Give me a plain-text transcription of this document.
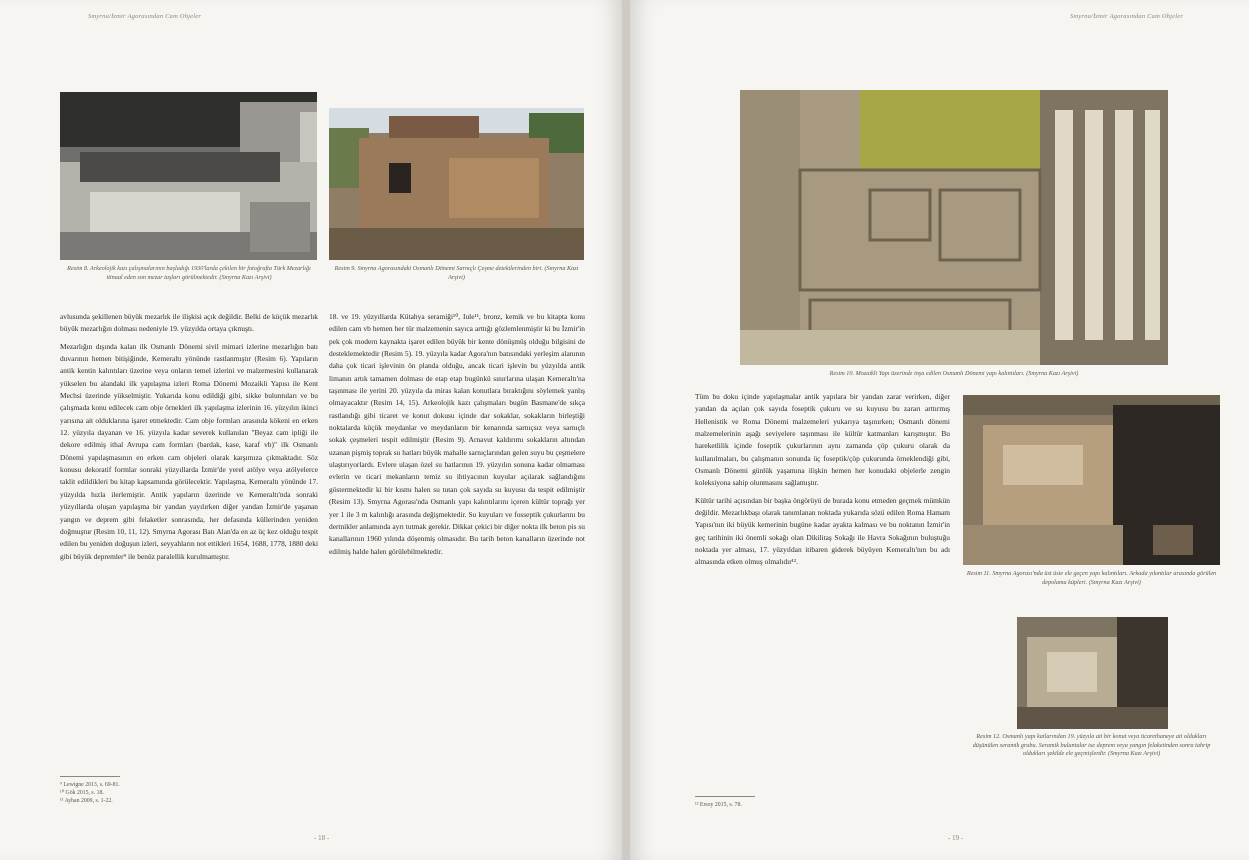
Smyrna/İzmir Agorasından Cam Objeler
Resim 8. Arkeolojik kazı çalışmalarının başladığı 1930'larda çekilen bir fotoğrafta Türk Mezarlığı itinaal eden son mezar taşları görülmektedir. (Smyrna Kazı Arşivi)
Resim 9. Smyrna Agorasındaki Osmanlı Dönemi Sarnıçlı Çeşme detektlerinden biri. (Smyrna Kazı Arşivi)

avlusunda şekillenen büyük mezarlık ile ilişkisi açık değildir. Belki de küçük mezarlık büyük mezarlığın dolması nedeniyle 19. yüzyılda ortaya çıkmıştı.

Mezarlığın dışında kalan ilk Osmanlı Dönemi sivil mimari izlerine mezarlığın batı duvarının hemen bitişiğinde, Kemeraltı yönünde rastlanmıştır (Resim 6). Yapıların antik kentin kalıntıları üzerine veya onların temel izlerini ve malzemesini kullanarak yükselen bu alandaki ilk yapılaşma izleri Roma Dönemi Mozaikli Yapısı ile Kent Mechsi üzerinde yükselmiştir. Yukarıda konu edildiği gibi, sikke buluntuları ve bu çalışmada konu edilecek cam obje örnekleri ilk yapılaşma izlerinin 16. yüzyılın ikinci yarısına ait olduklarına işaret etmektedir. Cam obje formları arasında kökeni en erken 12. yüzyıla dayanan ve 16. yüzyıla kadar severek kullanılan "Beyaz cam ipliği ile dekore edilmiş ithal Avrupa cam formları (bardak, kase, karaf vb)" ilk Osmanlı Dönemi yapılaşmasının en erken cam objeleri olarak karşımıza çıkmaktadır. Söz konusu dekoratif formlar sonraki yüzyıllarda İzmir'de yerel atölye veya atölyelerce taklit edildikleri bu kitap kapsamında görülecektir. Yapılaşma, Kemeraltı yönünde 17. yüzyılda hızla ilerlemiştir. Antik yapıların üzerinde ve Kemeraltı'nda sonraki yüzyıllarda oluşan yapılaşma bir yandan yayılırken diğer yandan İzmir'de yaşanan yangın ve deprem gibi felaketler sonrasında, her defasında küllerinden yeniden doğmuştur (Resim 10, 11, 12). Smyrna Agorası Batı Alan'da en az üç kez olduğu tespit edilen bu yeniden doğuşun izleri, seyyahların not ettikleri 1654, 1688, 1778, 1880 deki gibi büyük depremler⁹ ile benüz paralellik kurulmamıştır.

18. ve 19. yüzyıllarda Kütahya seramiği¹⁰, Iule¹¹, bronz, kemik ve bu kitapta konu edilen cam vb hemen her tür malzemenin sayıca arttığı gözlemlenmiştir ki bu İzmir'in pek çok modern kaynakta işaret edilen büyük bir kente dönüşmüş olduğu bilgisini de desteklemektedir (Resim 5). 19. yüzyıla kadar Agora'nın batısındaki yerleşim alanının daha çok ticari işlevinin ön planda olduğu, ancak ticari işlevin bu yüzyılda antik limanın artık tamamen dolması de etap etap bugünkü sınırlarına ulaşan Kemeraltı'na taşınması ile yerini 20. yüzyıla da miras kalan konutlara bıraktığını söylemek yanlış olmayacaktır (Resim 14, 15). Arkeolojik kazı çalışmaları bugün Basmane'de sıkça rastlandığı gibi ticaret ve konut dokusu içinde dar sokaklar, sokakların birleştiği noktalarda küçük meydanlar ve meydanların bir kenarında sarnıçsız veya sarnıçlı sokak çeşmeleri tespit edilmiştir (Resim 9). Arnavut kaldırımı sokakların altından uzanan pişmiş toprak su hatları büyük mahalle sarnıçlarından gelen suyu bu çeşmelere ulaştırıyorlardı. Evlere ulaşan özel su hatlarının 19. yüzyılın sonuna kadar olmaması evlerin ve ticari mekanların temiz su ihtiyacının kuyular açılarak sağlandığını göstermektedir ki bir kısmı halen su tutan çok sayıda su kuyusu da tespit edilmiştir (Resim 13). Smyrna Agorası'nda Osmanlı yapı kalıntılarını içeren kültür toprağı yer yer 1 ile 3 m kalınlığı arasında değişmektedir. Su kuyuları ve fosseptik çukurlarını bu dertnikler anlamında ayrı tutmak gerekir. Dikkat çekici bir diğer nokta ilk beton pis su kanallarının 1960 yılında döşenmiş olmasıdır. Bu tarih beton kanalların üzerinde not edilmiş halde halen görülebilmektedir.

⁹ Lewigne 2013, s. 69-81.
¹⁰ Gök 2015, s. 18.
¹¹ Ayhan 2009, s. 1-22.
- 18 -
Smyrna/İzmir Agorasından Cam Objeler
Resim 10. Mozaikli Yapı üzerinde inşa edilen Osmanlı Dönemi yapı kalıntıları. (Smyrna Kazı Arşivi)
Resim 11. Smyrna Agorası'nda üst üste ele geçen yapı kalıntıları. Arkada yıkıntılar arasında görülen depolama küpleri. (Smyrna Kazı Arşivi)
Resim 12. Osmanlı yapı katlarından 19. yüzyıla ait bir konut veya ticarethaneye ait oldukları düşünülen seramik grubu. Seramik buluntular ise deprem veya yangın felaketinden sonra tahrip oldukları şekilde ele geçmişlerdir. (Smyrna Kazı Arşivi)

Tüm bu doku içinde yapılaşmalar antik yapılara bir yandan zarar verirken, diğer yandan da açılan çok sayıda foseptik çukuru ve su kuyusu bu zararı arttırmış Hellenistik ve Roma Dönemi malzemeleri yukarıya taşınırken; Osmanlı dönemi malzemelerinin aşağı seviyelere taşınması ile kültür katmanları karışmıştır. Bu hareketlilik içinde foseptik çukurlarının aynı zamanda çöp çukuru olarak da kullanılmaları, bu çalışmanın sonunda üç foseptik/çöp çukurunda örneklendiği gibi, Osmanlı Dönemi günlük yaşamına ilişkin hemen her konudaki objelerle zengin koleksiyona sahip olunmasını sağlamıştır.

Kültür tarihi açısından bir başka öngörüyü de burada konu etmeden geçmek mümkün değildir. Mezarlıkbaşı olarak tanımlanan noktada yukarıda sözü edilen Roma Hamam Yapısı'nın iki büyük kemerinin bugüne kadar ayakta kalması ve bu noktanın İzmir'in geç tarihinin iki önemli sokağı olan Dikilitaş Sokağı ile Havra Sokağının buluştuğu noktada yer alması, 17. yüzyıldan itibaren giderek büyüyen Kemeraltı'nın bu adı almasında etken olmuş olmalıdır¹².

¹² Ersoy 2015, s. 78.
- 19 -
